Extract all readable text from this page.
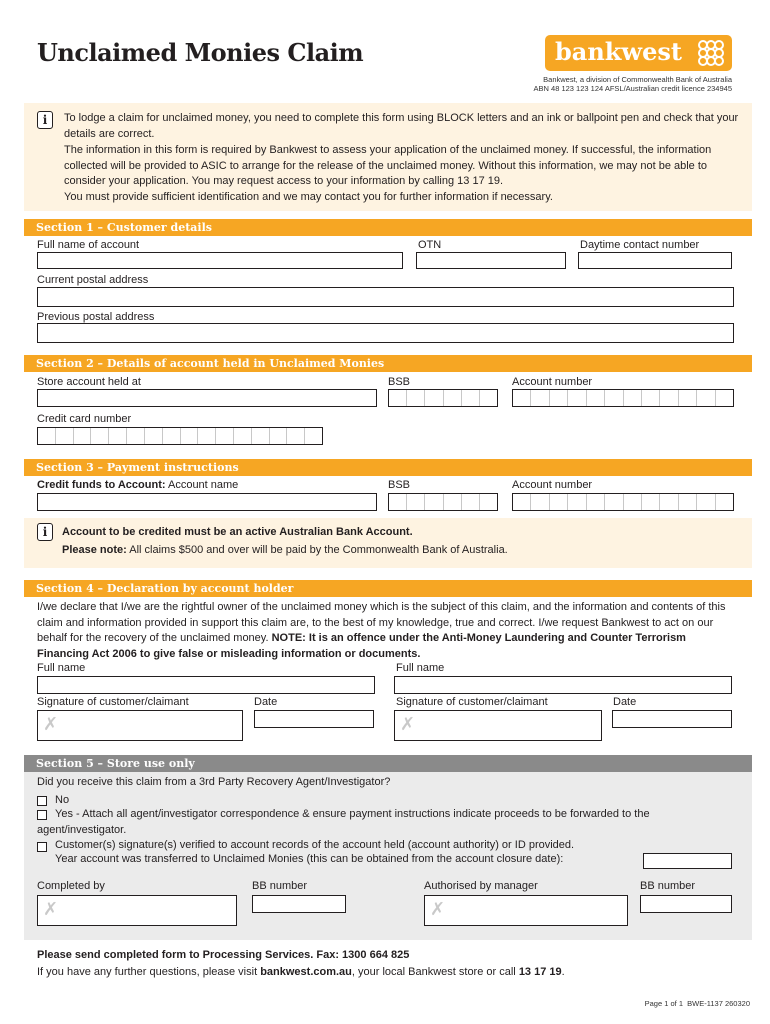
Unclaimed Monies Claim	bankwest
Bankwest, a division of Commonwealth Bank of Australia
ABN 48 123 123 124 AFSL/Australian credit licence 234945
i	To lodge a claim for unclaimed money, you need to complete this form using BLOCK letters and an ink or ballpoint pen and check that your details are correct.
The information in this form is required by Bankwest to assess your application of the unclaimed money. If successful, the information collected will be provided to ASIC to arrange for the release of the unclaimed money. Without this information, we may not be able to consider your application. You may request access to your information by calling 13 17 19.
You must provide sufficient identification and we may contact you for further information if necessary.
Section 1 – Customer details
Full name of account	OTN	Daytime contact number
Current postal address
Previous postal address
Section 2 – Details of account held in Unclaimed Monies
Store account held at	BSB	Account number
Credit card number
Section 3 – Payment instructions
Credit funds to Account: Account name	BSB	Account number
i	Account to be credited must be an active Australian Bank Account.
Please note: All claims $500 and over will be paid by the Commonwealth Bank of Australia.
Section 4 – Declaration by account holder
I/we declare that I/we are the rightful owner of the unclaimed money which is the subject of this claim, and the information and contents of this claim and information provided in support this claim are, to the best of my knowledge, true and correct. I/we request Bankwest to act on our behalf for the recovery of the unclaimed money. NOTE: It is an offence under the Anti-Money Laundering and Counter Terrorism Financing Act 2006 to give false or misleading information or documents.
Full name	Full name
Signature of customer/claimant	Date	Signature of customer/claimant	Date
✗	✗
Section 5 – Store use only
Did you receive this claim from a 3rd Party Recovery Agent/Investigator?
No
Yes - Attach all agent/investigator correspondence & ensure payment instructions indicate proceeds to be forwarded to the agent/investigator.
Customer(s) signature(s) verified to account records of the account held (account authority) or ID provided.
Year account was transferred to Unclaimed Monies (this can be obtained from the account closure date):
Completed by	BB number	Authorised by manager	BB number
✗	✗
Please send completed form to Processing Services. Fax: 1300 664 825
If you have any further questions, please visit bankwest.com.au, your local Bankwest store or call 13 17 19.
Page 1 of 1 BWE-1137 260320
